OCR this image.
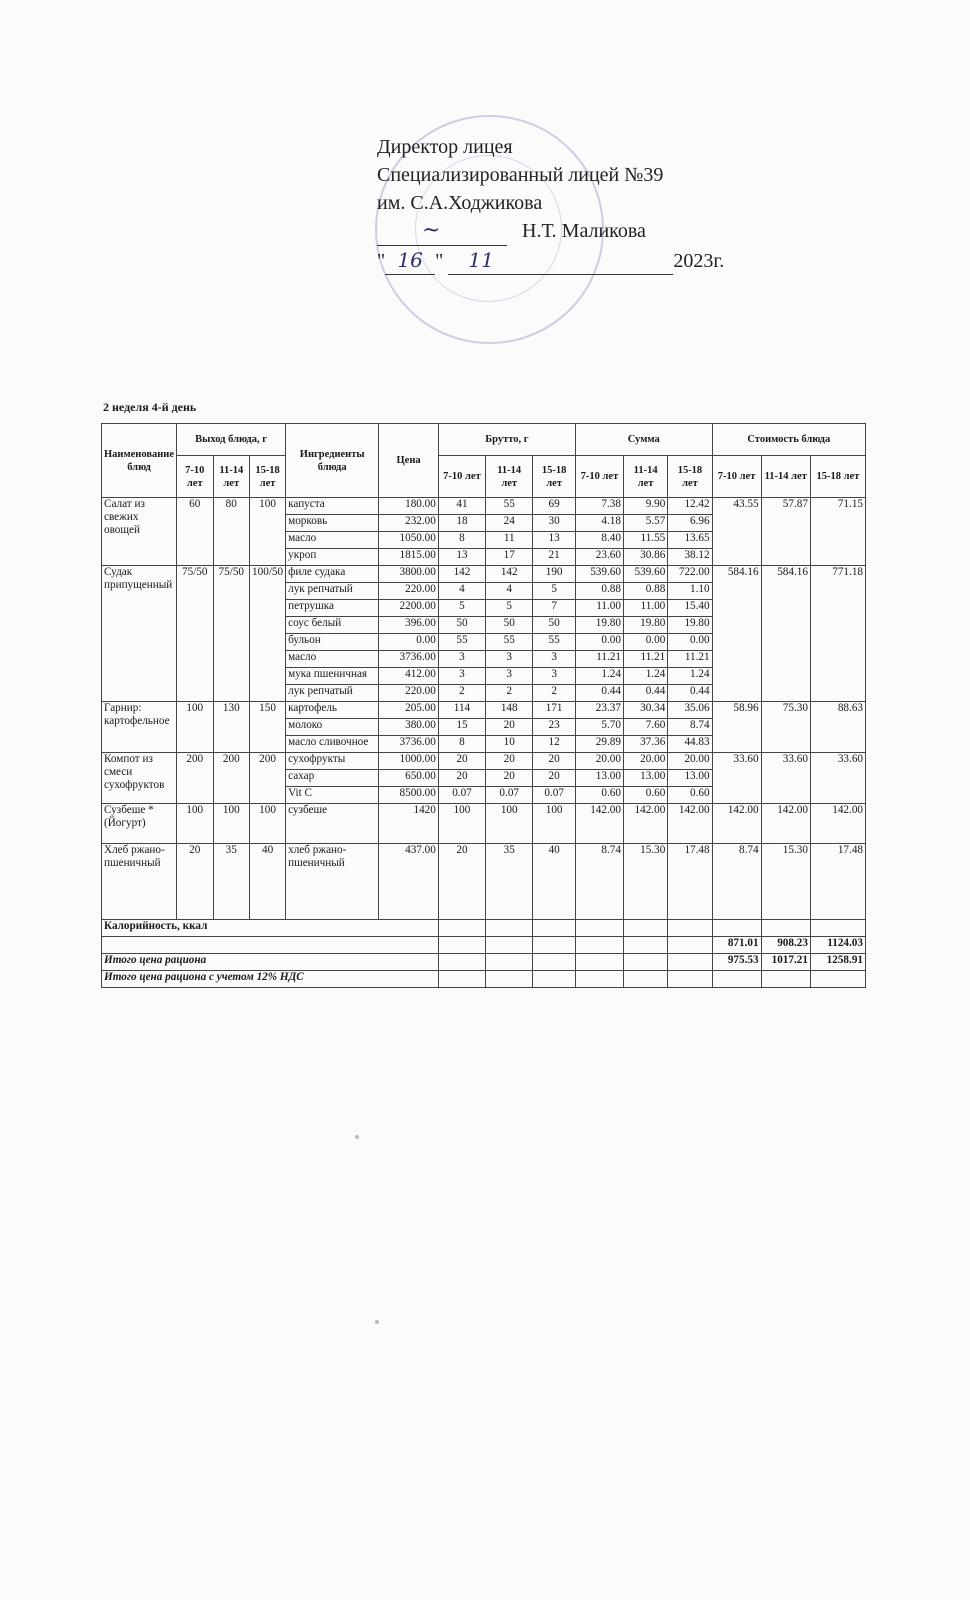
Директор лицея
Специализированный лицей №39
им. С.А.Ходжикова
~	Н.Т. Маликова
" 16 " 11	2023г.
2 неделя 4-й день
Наименование блюд	Выход блюда, г			Ингредиенты блюда	Цена	Брутто, г			Сумма			Стоимость блюда		
	7-10 лет	11-14 лет	15-18 лет			7-10 лет	11-14 лет	15-18 лет	7-10 лет	11-14 лет	15-18 лет	7-10 лет	11-14 лет	15-18 лет
Салат из свежих овощей	60	80	100	капуста	180.00	41	55	69	7.38	9.90	12.42	43.55	57.87	71.15
				морковь	232.00	18	24	30	4.18	5.57	6.96			
				масло	1050.00	8	11	13	8.40	11.55	13.65			
				укроп	1815.00	13	17	21	23.60	30.86	38.12			
Судак припущенный	75/50	75/50	100/50	филе судака	3800.00	142	142	190	539.60	539.60	722.00	584.16	584.16	771.18
				лук репчатый	220.00	4	4	5	0.88	0.88	1.10			
				петрушка	2200.00	5	5	7	11.00	11.00	15.40			
				соус белый	396.00	50	50	50	19.80	19.80	19.80			
				бульон	0.00	55	55	55	0.00	0.00	0.00			
				масло	3736.00	3	3	3	11.21	11.21	11.21			
				мука пшеничная	412.00	3	3	3	1.24	1.24	1.24			
				лук репчатый	220.00	2	2	2	0.44	0.44	0.44			
Гарнир: картофельное	100	130	150	картофель	205.00	114	148	171	23.37	30.34	35.06	58.96	75.30	88.63
				молоко	380.00	15	20	23	5.70	7.60	8.74			
				масло сливочное	3736.00	8	10	12	29.89	37.36	44.83			
Компот из смеси сухофруктов	200	200	200	сухофрукты	1000.00	20	20	20	20.00	20.00	20.00	33.60	33.60	33.60
				сахар	650.00	20	20	20	13.00	13.00	13.00			
				Vit C	8500.00	0.07	0.07	0.07	0.60	0.60	0.60			
Сузбеше *(Йогурт)	100	100	100	сузбеше	1420	100	100	100	142.00	142.00	142.00	142.00	142.00	142.00
Хлеб ржано-пшеничный	20	35	40	хлеб ржано-пшеничный	437.00	20	35	40	8.74	15.30	17.48	8.74	15.30	17.48
Калорийность, ккал														
												871.01	908.23	1124.03
Итого цена рациона												975.53	1017.21	1258.91
Итого цена рациона с учетом 12% НДС														
